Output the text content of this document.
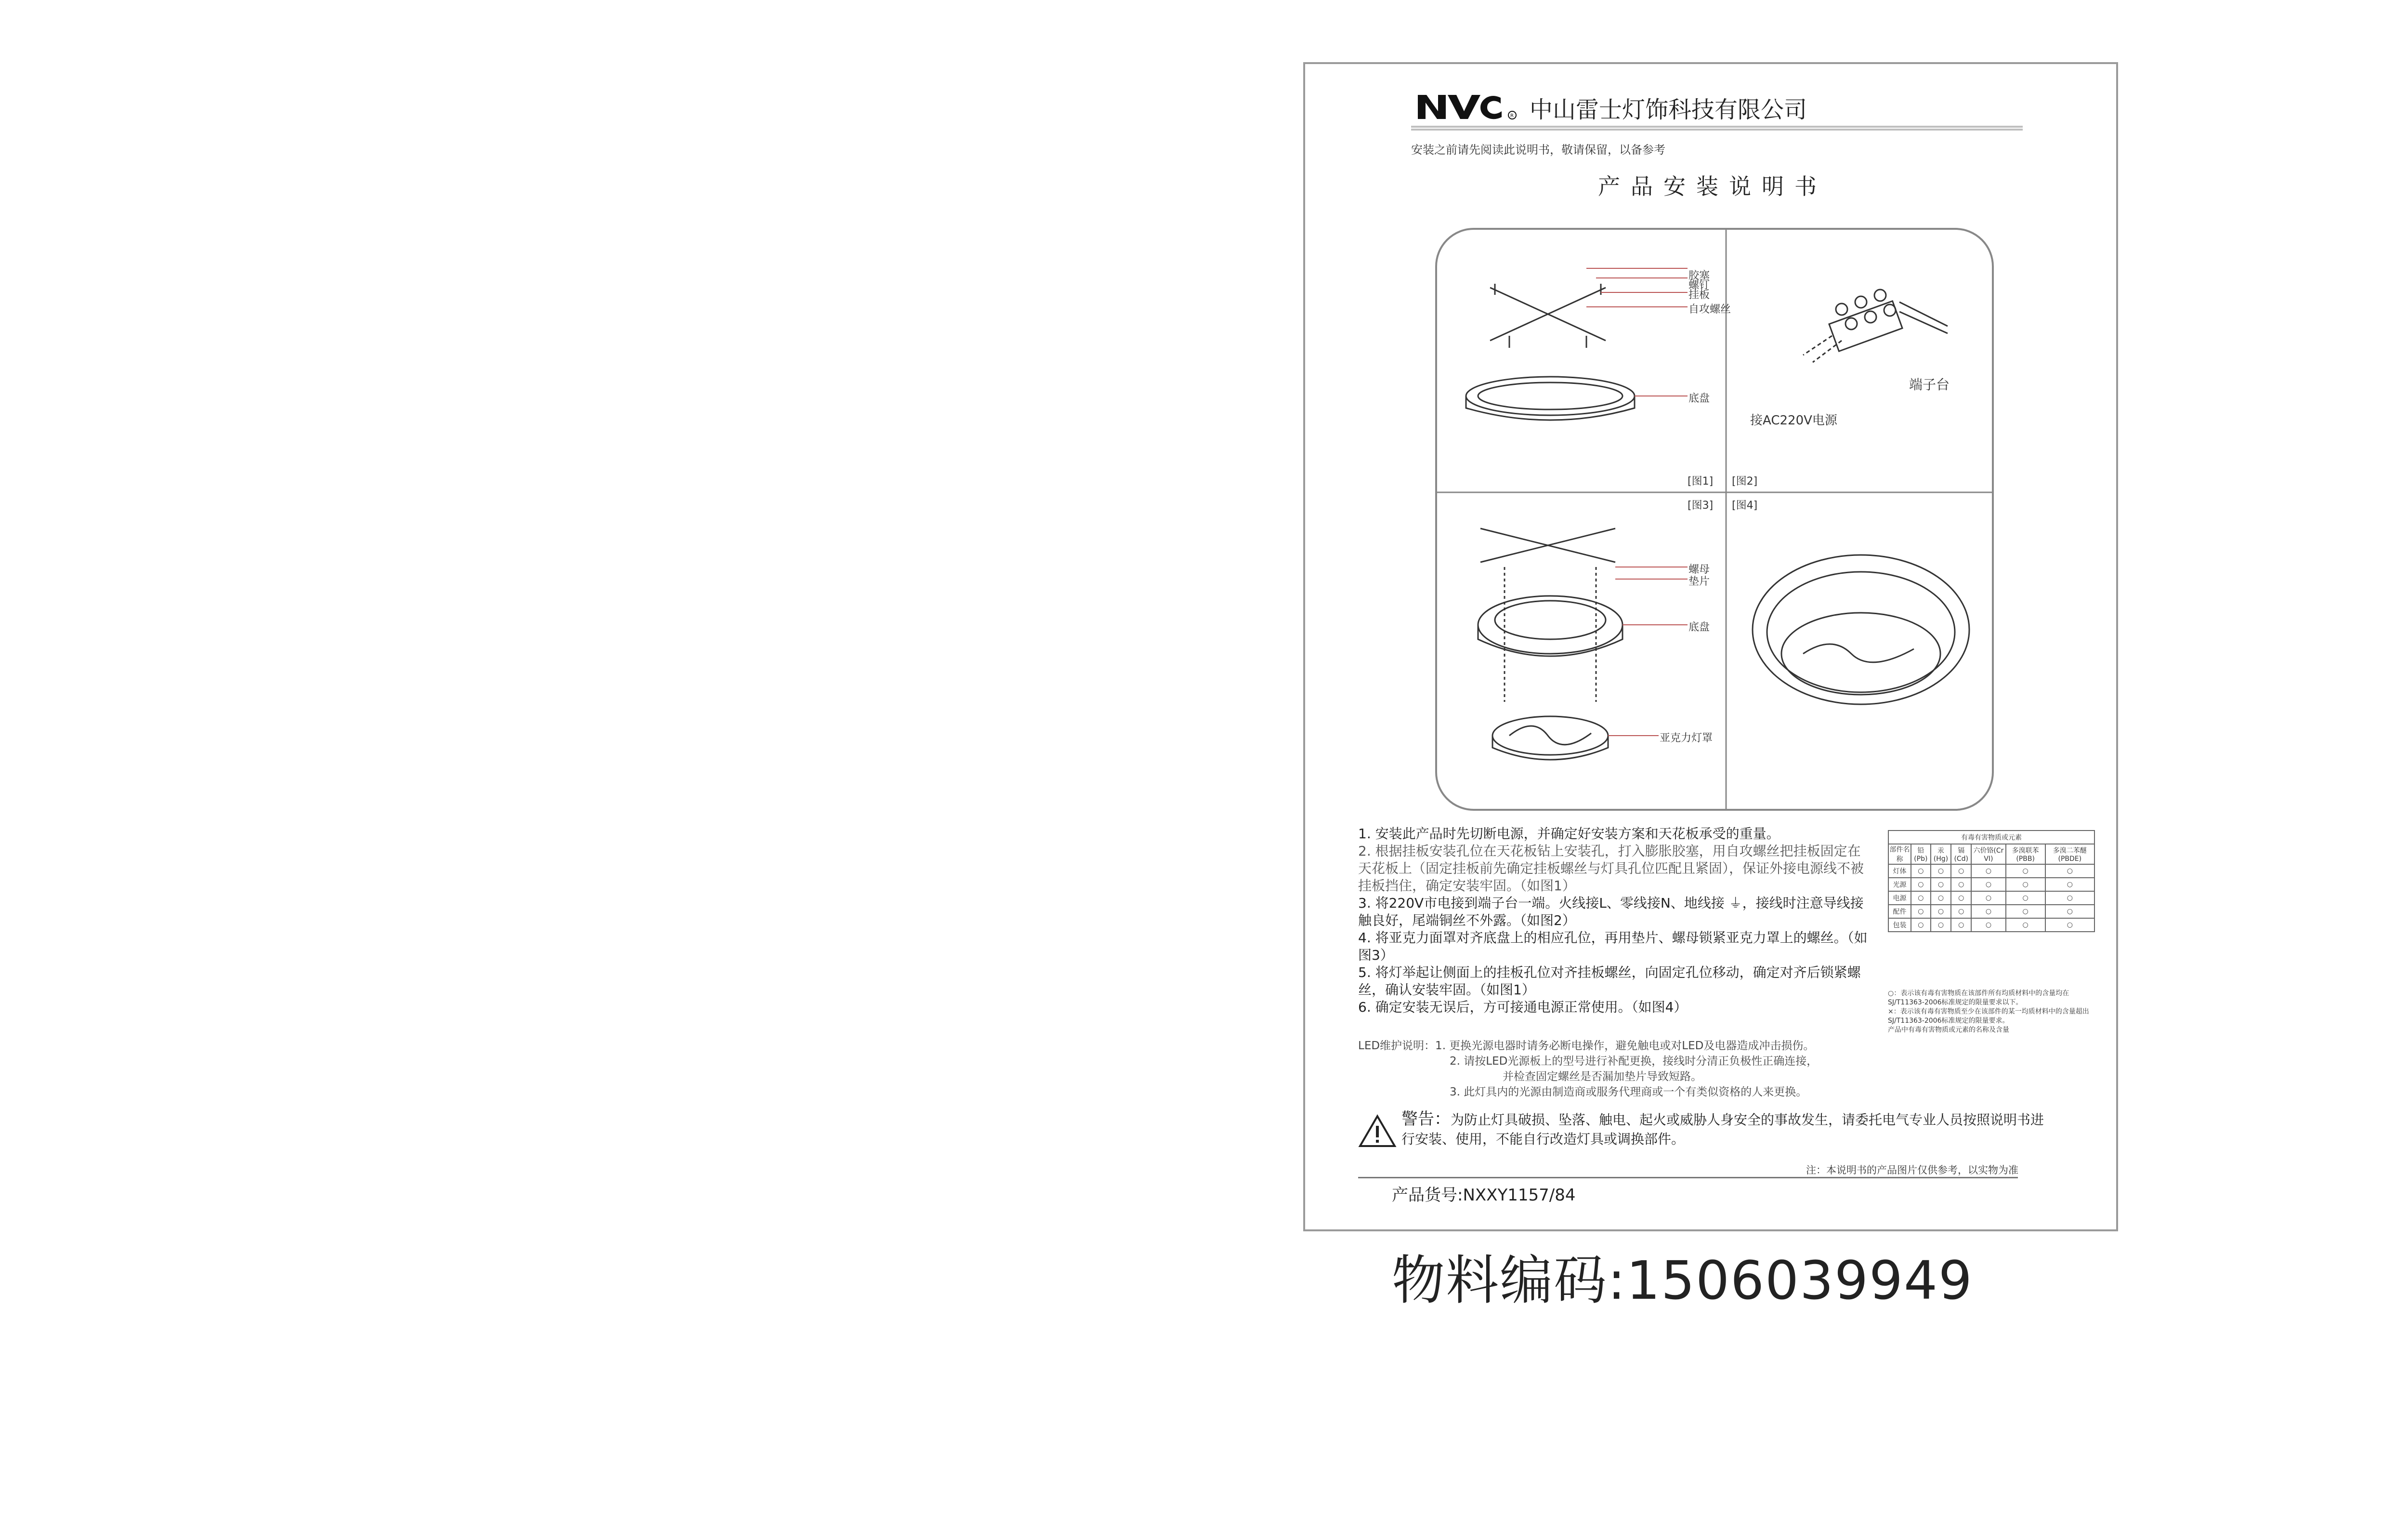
R 中山雷士灯饰科技有限公司
安装之前请先阅读此说明书，敬请保留，以备参考
产品安装说明书
胶塞
螺钉
挂板
自攻螺丝
底盘
螺母
垫片
底盘
亚克力灯罩
端子台
接AC220V电源
[图1] [图2]
[图3] [图4]

1. 安装此产品时先切断电源，并确定好安装方案和天花板承受的重量。

2. 根据挂板安装孔位在天花板钻上安装孔，打入膨胀胶塞，用自攻螺丝把挂板固定在天花板上（固定挂板前先确定挂板螺丝与灯具孔位匹配且紧固），保证外接电源线不被挂板挡住，确定安装牢固。（如图1）

3. 将220V市电接到端子台一端。火线接L、零线接N、地线接 ⏚，接线时注意导线接触良好，尾端铜丝不外露。（如图2）

4. 将亚克力面罩对齐底盘上的相应孔位，再用垫片、螺母锁紧亚克力罩上的螺丝。（如图3）

5. 将灯举起让侧面上的挂板孔位对齐挂板螺丝，向固定孔位移动，确定对齐后锁紧螺丝，确认安装牢固。（如图1）

6. 确定安装无误后，方可接通电源正常使用。（如图4）

有毒有害物质或元素						
部件名称	铅(Pb)	汞(Hg)	镉(Cd)	六价铬(Cr VI)	多溴联苯(PBB)	多溴二苯醚(PBDE)
灯体	○	○	○	○	○	○
光源	○	○	○	○	○	○
电源	○	○	○	○	○	○
配件	○	○	○	○	○	○
包装	○	○	○	○	○	○
○：表示该有毒有害物质在该部件所有均质材料中的含量均在SJ/T11363-2006标准规定的限量要求以下。
×：表示该有毒有害物质至少在该部件的某一均质材料中的含量超出SJ/T11363-2006标准规定的限量要求。
产品中有毒有害物质或元素的名称及含量

LED维护说明：1. 更换光源电器时请务必断电操作，避免触电或对LED及电器造成冲击损伤。

2. 请按LED光源板上的型号进行补配更换，接线时分清正负极性正确连接，

并检查固定螺丝是否漏加垫片导致短路。

3. 此灯具内的光源由制造商或服务代理商或一个有类似资格的人来更换。

警告：为防止灯具破损、坠落、触电、起火或威胁人身安全的事故发生，请委托电气专业人员按照说明书进行安装、使用，不能自行改造灯具或调换部件。
注：本说明书的产品图片仅供参考，以实物为准
产品货号:NXXY1157/84
物料编码:1506039949
